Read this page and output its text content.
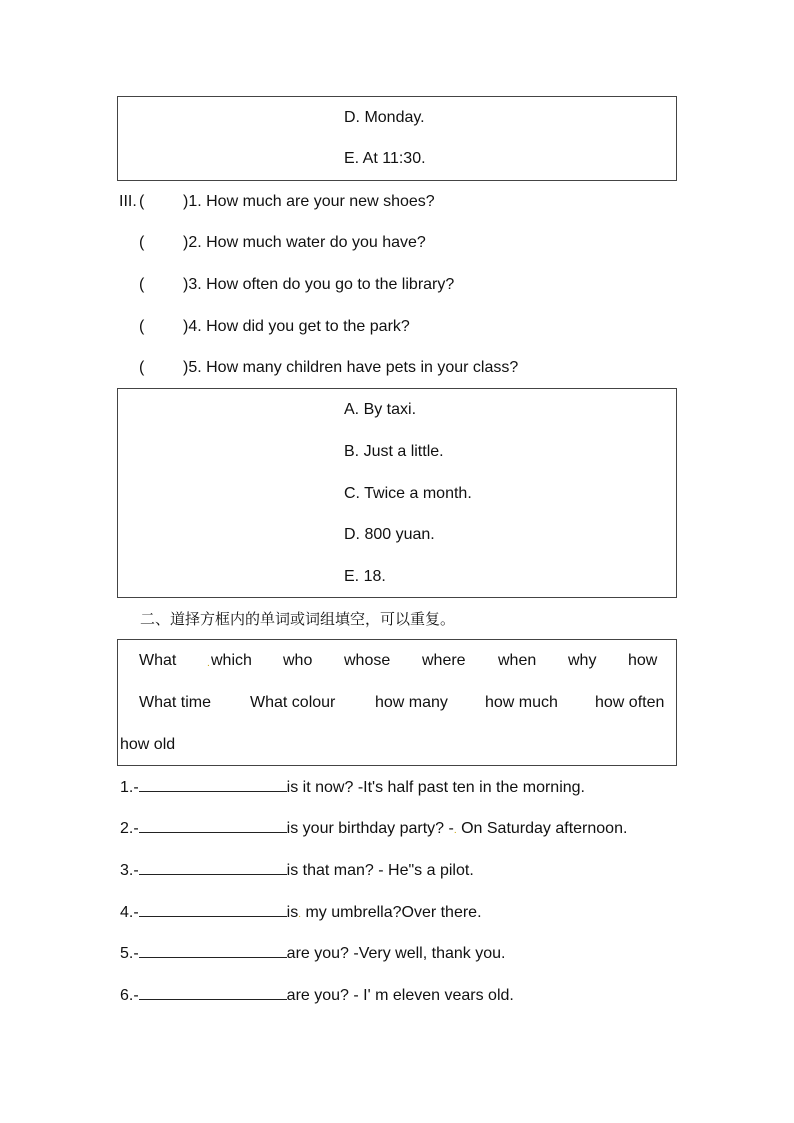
D. Monday.
E. At 11:30.
III. ( )1. How much are your new shoes?
( )2. How much water do you have?
( )3. How often do you go to the library?
( )4. How did you get to the park?
( )5. How many children have pets in your class?
A. By taxi.
B. Just a little.
C. Twice a month.
D. 800 yuan.
E. 18.
二、道择方框内的单词或词组填空，可以重复。
What	. which who whose where when why how
What time What colour how many how much how often
how old
1.-	is it now? -It's half past ten in the morning.
2.-	is your birthday party? -. On Saturday afternoon.
3.-	is that man? - He"s a pilot.
4.-	is. my umbrella?Over there.
5.-	are you? -Very well, thank you.
6.-	are you? - I' m eleven vears old.
